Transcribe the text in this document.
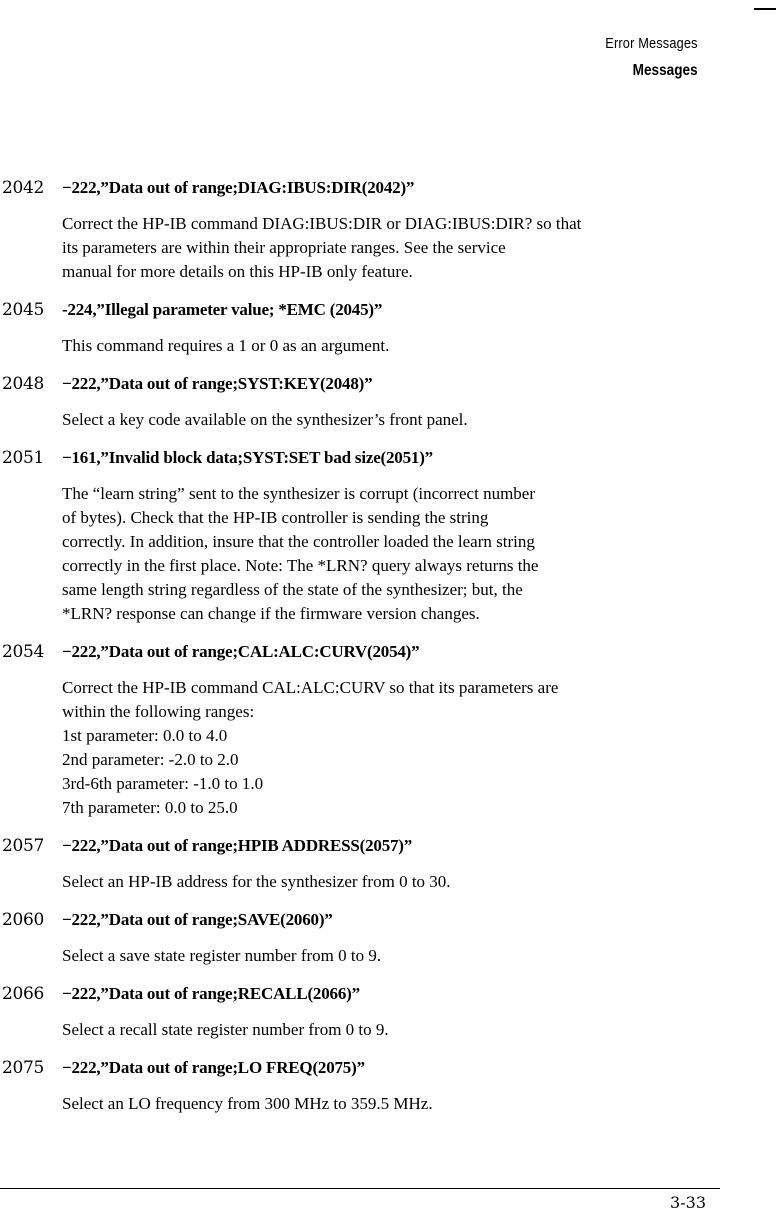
Error Messages
Messages
2042 −222,”Data out of range;DIAG:IBUS:DIR(2042)”
Correct the HP-IB command DIAG:IBUS:DIR or DIAG:IBUS:DIR? so that
its parameters are within their appropriate ranges. See the service
manual for more details on this HP-IB only feature.
2045 -224,”Illegal parameter value; *EMC (2045)”
This command requires a 1 or 0 as an argument.
2048 −222,”Data out of range;SYST:KEY(2048)”
Select a key code available on the synthesizer’s front panel.
2051 −161,”Invalid block data;SYST:SET bad size(2051)”
The “learn string” sent to the synthesizer is corrupt (incorrect number
of bytes). Check that the HP-IB controller is sending the string
correctly. In addition, insure that the controller loaded the learn string
correctly in the first place. Note: The *LRN? query always returns the
same length string regardless of the state of the synthesizer; but, the
*LRN? response can change if the firmware version changes.
2054 −222,”Data out of range;CAL:ALC:CURV(2054)”
Correct the HP-IB command CAL:ALC:CURV so that its parameters are
within the following ranges:
1st parameter: 0.0 to 4.0
2nd parameter: -2.0 to 2.0
3rd-6th parameter: -1.0 to 1.0
7th parameter: 0.0 to 25.0
2057 −222,”Data out of range;HPIB ADDRESS(2057)”
Select an HP-IB address for the synthesizer from 0 to 30.
2060 −222,”Data out of range;SAVE(2060)”
Select a save state register number from 0 to 9.
2066 −222,”Data out of range;RECALL(2066)”
Select a recall state register number from 0 to 9.
2075 −222,”Data out of range;LO FREQ(2075)”
Select an LO frequency from 300 MHz to 359.5 MHz.
3-33
